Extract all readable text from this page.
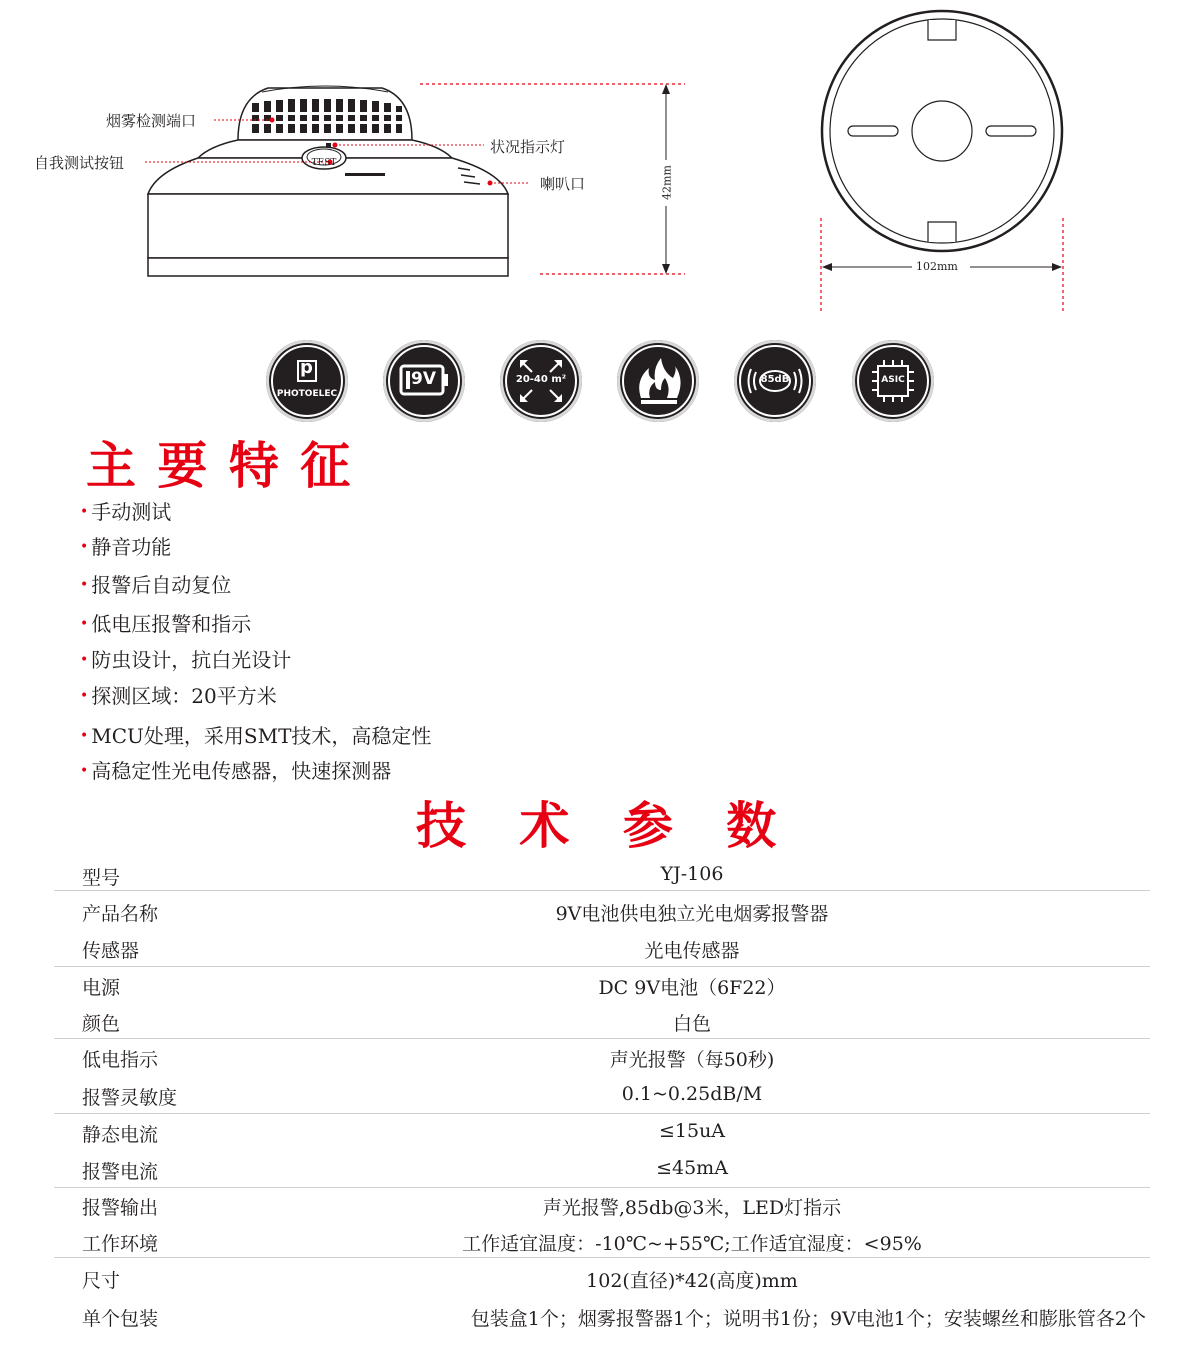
TEST
烟雾检测端口
自我测试按钮
状况指示灯
喇叭口	42mm
102mm
p
PHOTOELEC
9V	20-40 m²	85dB	ASIC
主 要 特 征
• 手动测试
• 静音功能
• 报警后自动复位
• 低电压报警和指示
• 防虫设计，抗白光设计
• 探测区域：20平方米
• MCU处理，采用SMT技术，高稳定性
• 高稳定性光电传感器，快速探测器
技 术 参 数
型号	YJ-106
产品名称	9V电池供电独立光电烟雾报警器
传感器	光电传感器
电源	DC 9V电池（6F22）
颜色	白色
低电指示	声光报警（每50秒)
报警灵敏度	0.1~0.25dB/M
静态电流	≤15uA
报警电流	≤45mA
报警输出	声光报警,85db@3米，LED灯指示
工作环境	工作适宜温度：-10℃~+55℃;工作适宜湿度：<95%
尺寸	102(直径)*42(高度)mm
单个包装	包装盒1个；烟雾报警器1个；说明书1份；9V电池1个；安装螺丝和膨胀管各2个
